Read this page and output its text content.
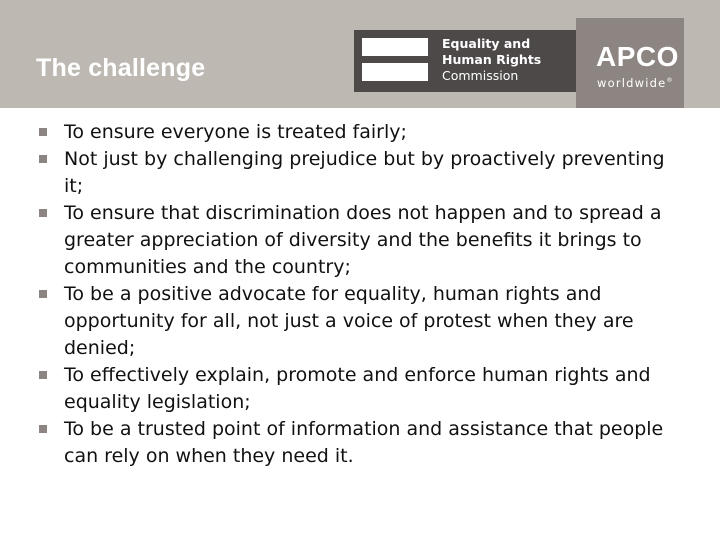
The challenge
Equality and
Human Rights
Commission
APCO
worldwide®
To ensure everyone is treated fairly;
Not just by challenging prejudice but by proactively preventing it;
To ensure that discrimination does not happen and to spread a greater appreciation of diversity and the benefits it brings to communities and the country;
To be a positive advocate for equality, human rights and opportunity for all, not just a voice of protest when they are denied;
To effectively explain, promote and enforce human rights and equality legislation;
To be a trusted point of information and assistance that people can rely on when they need it.
